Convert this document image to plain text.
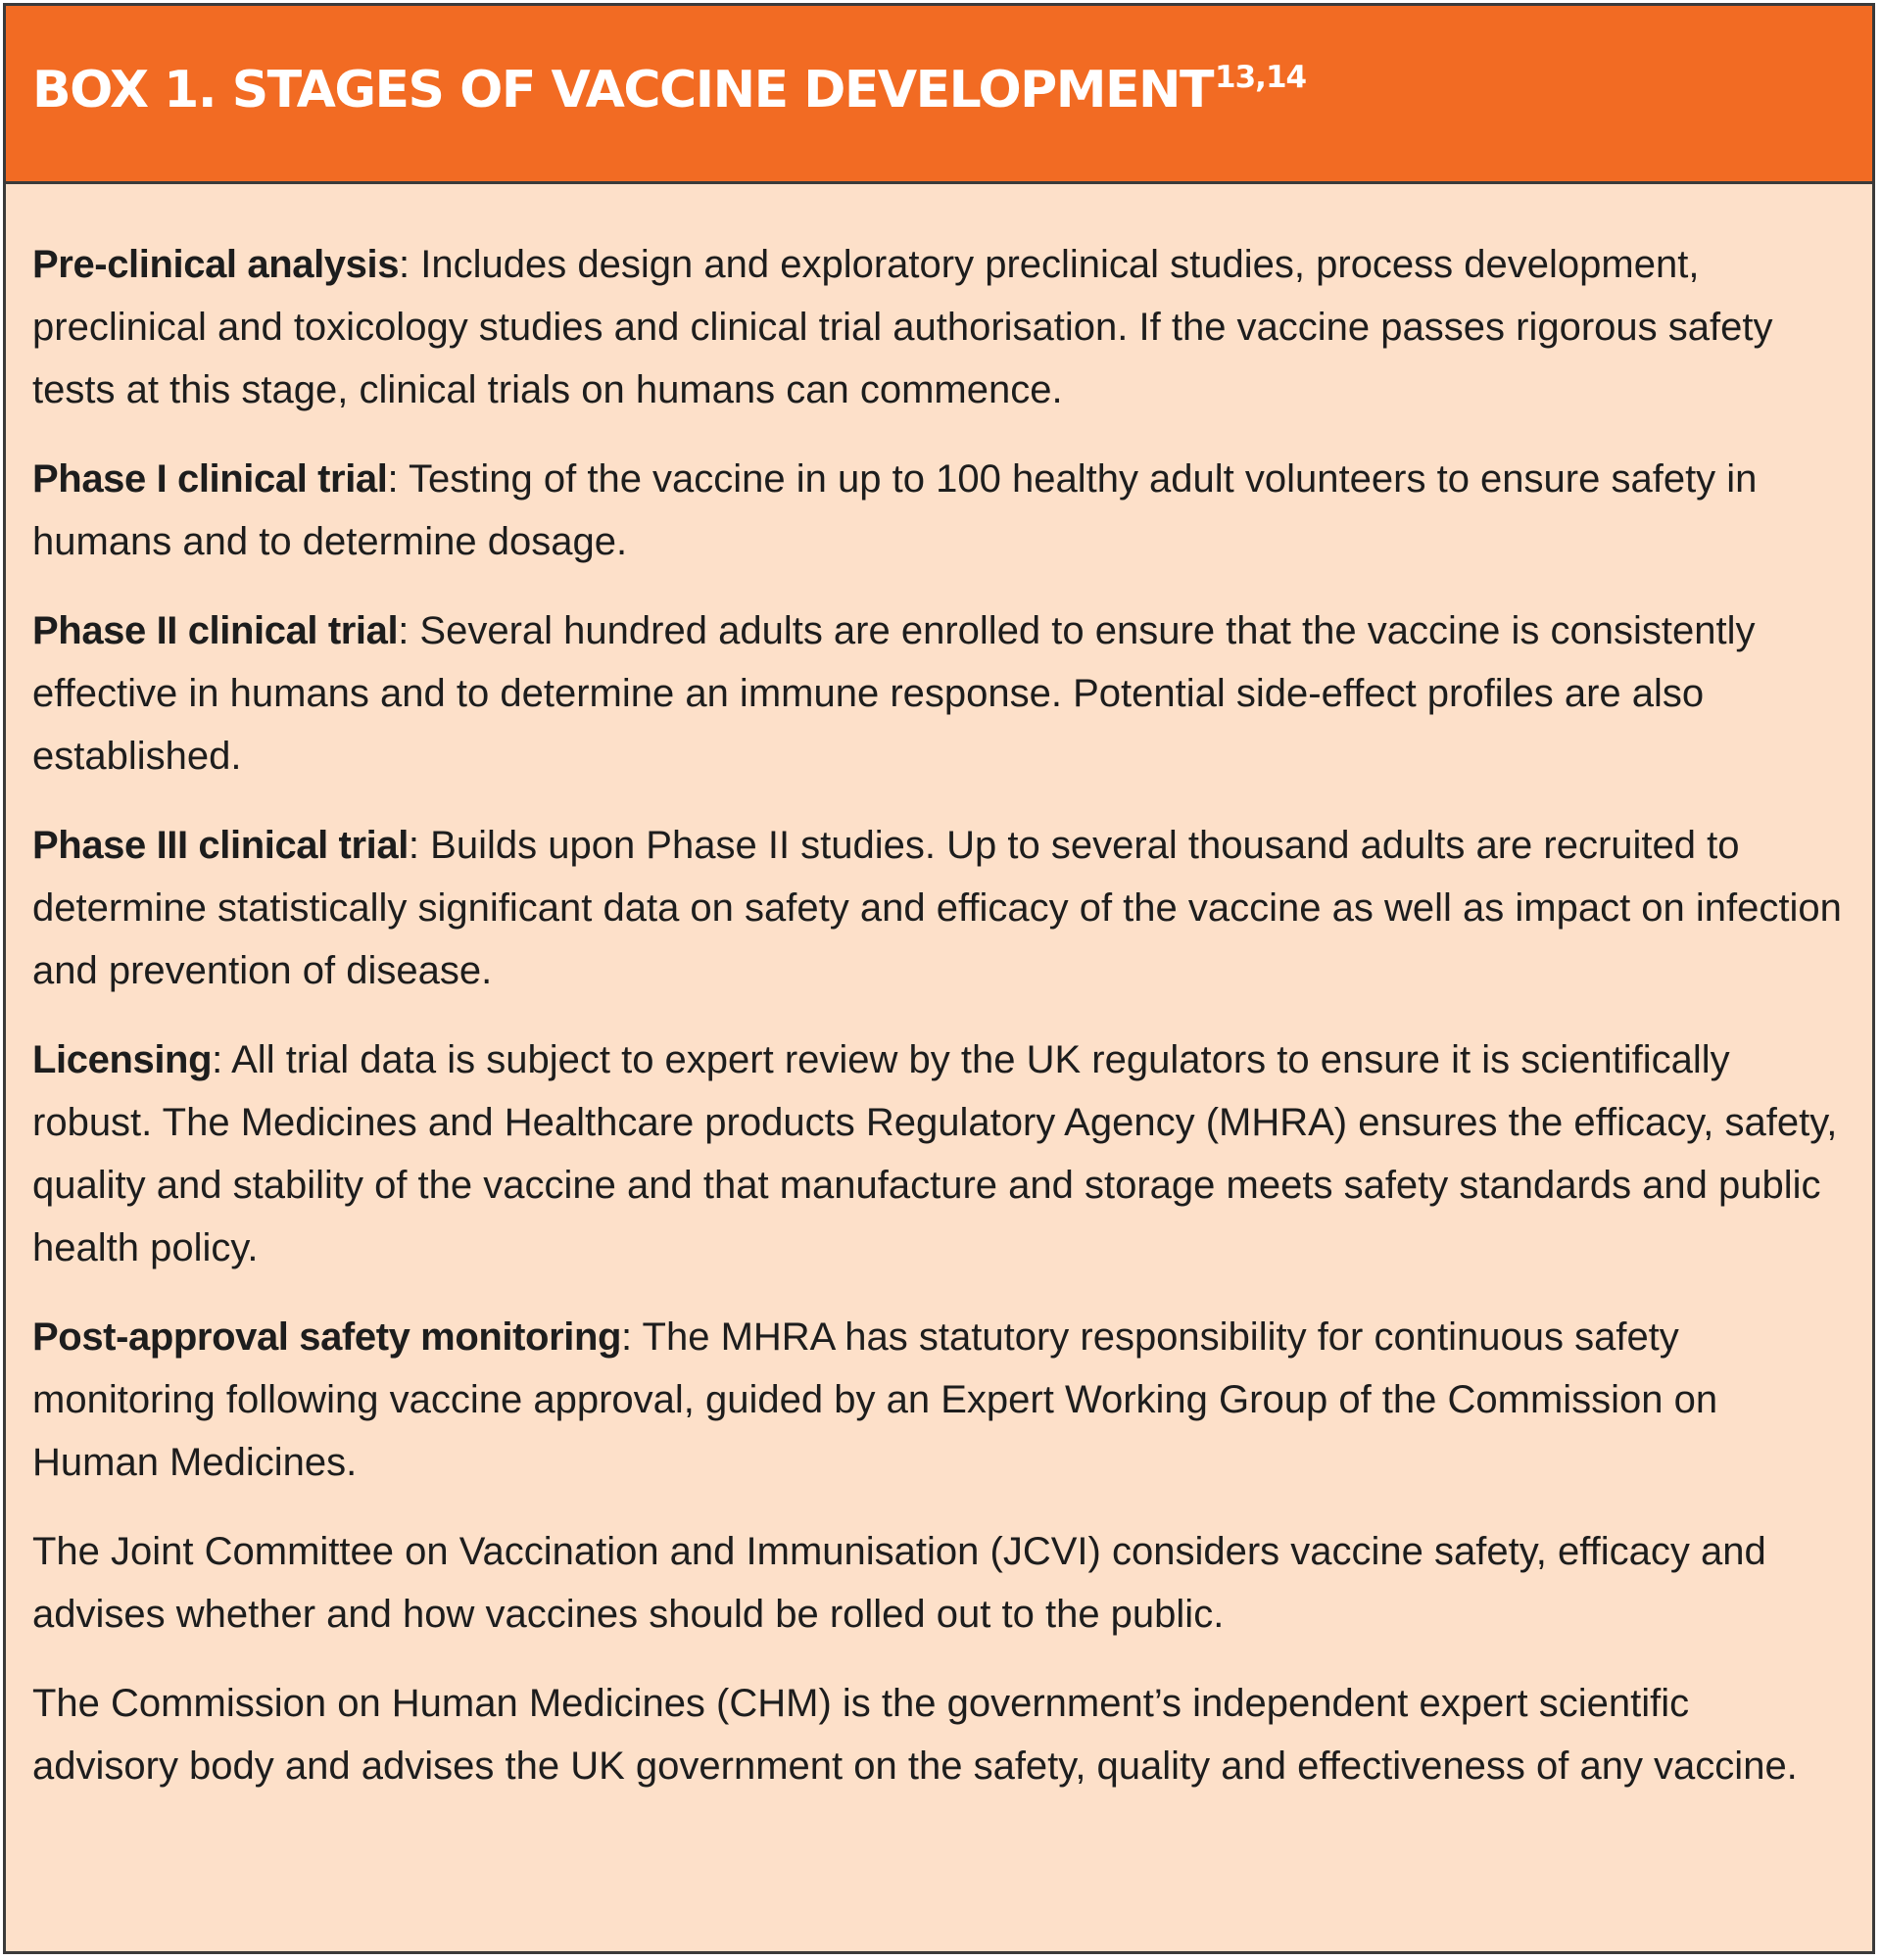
BOX 1. STAGES OF VACCINE DEVELOPMENT$^{13,14}$

Pre-clinical analysis: Includes design and exploratory preclinical studies, process development, preclinical and toxicology studies and clinical trial authorisation. If the vaccine passes rigorous safety tests at this stage, clinical trials on humans can commence.

Phase I clinical trial: Testing of the vaccine in up to 100 healthy adult volunteers to ensure safety in humans and to determine dosage.

Phase II clinical trial: Several hundred adults are enrolled to ensure that the vaccine is consistently effective in humans and to determine an immune response. Potential side-effect profiles are also established.

Phase III clinical trial: Builds upon Phase II studies. Up to several thousand adults are recruited to determine statistically significant data on safety and efficacy of the vaccine as well as impact on infection and prevention of disease.

Licensing: All trial data is subject to expert review by the UK regulators to ensure it is scientifically robust. The Medicines and Healthcare products Regulatory Agency (MHRA) ensures the efficacy, safety, quality and stability of the vaccine and that manufacture and storage meets safety standards and public health policy.

Post-approval safety monitoring: The MHRA has statutory responsibility for continuous safety monitoring following vaccine approval, guided by an Expert Working Group of the Commission on Human Medicines.

The Joint Committee on Vaccination and Immunisation (JCVI) considers vaccine safety, efficacy and advises whether and how vaccines should be rolled out to the public.

The Commission on Human Medicines (CHM) is the government’s independent expert scientific advisory body and advises the UK government on the safety, quality and effectiveness of any vaccine.
